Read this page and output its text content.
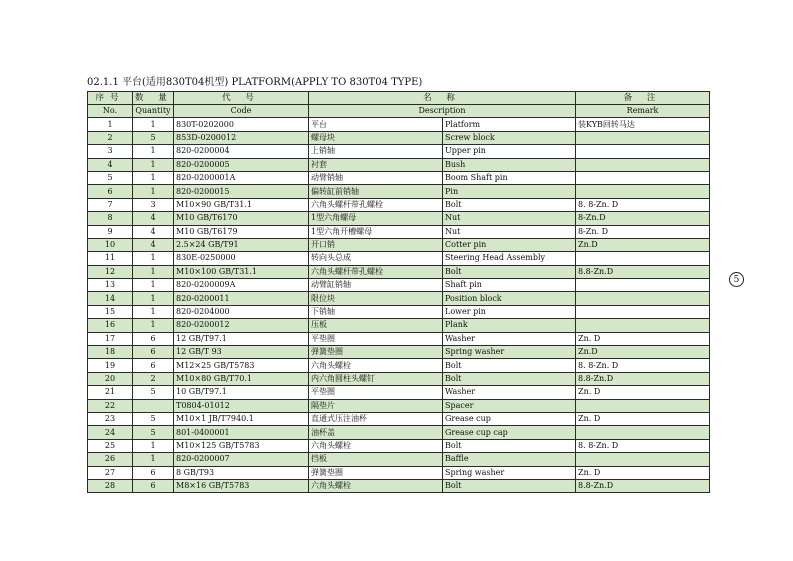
02.1.1 平台(适用830T04机型) PLATFORM(APPLY TO 830T04 TYPE)
5
序号	数 量	代 号	名 称		备 注
No.	Quantity	Code	Description		Remark
1	1	830T-0202000	平台	Platform	装KYB回转马达
2	5	853D-0200012	螺母块	Screw block	
3	1	820-0200004	上销轴	Upper pin	
4	1	820-0200005	衬套	Bush	
5	1	820-0200001A	动臂销轴	Boom Shaft pin	
6	1	820-0200015	偏转缸前销轴	Pin	
7	3	M10×90 GB/T31.1	六角头螺杆带孔螺栓	Bolt	8. 8-Zn. D
8	4	M10 GB/T6170	1型六角螺母	Nut	8-Zn.D
9	4	M10 GB/T6179	1型六角开槽螺母	Nut	8-Zn. D
10	4	2.5×24 GB/T91	开口销	Cotter pin	Zn.D
11	1	830E-0250000	转向头总成	Steering Head Assembly	
12	1	M10×100 GB/T31.1	六角头螺杆带孔螺栓	Bolt	8.8-Zn.D
13	1	820-0200009A	动臂缸销轴	Shaft pin	
14	1	820-0200011	限位块	Position block	
15	1	820-0204000	下销轴	Lower pin	
16	1	820-0200012	压板	Plank	
17	6	12 GB/T97.1	平垫圈	Washer	Zn. D
18	6	12 GB/T 93	弹簧垫圈	Spring washer	Zn.D
19	6	M12×25 GB/T5783	六角头螺栓	Bolt	8. 8-Zn. D
20	2	M10×80 GB/T70.1	内六角圆柱头螺钉	Bolt	8.8-Zn.D
21	5	10 GB/T97.1	平垫圈	Washer	Zn. D
22		T0804-01012	隔垫片	Spacer	
23	5	M10×1 JB/T7940.1	直通式压注油杯	Grease cup	Zn. D
24	5	801-0400001	油杯盖	Grease cup cap	
25	1	M10×125 GB/T5783	六角头螺栓	Bolt	8. 8-Zn. D
26	1	820-0200007	挡板	Baffle	
27	6	8 GB/T93	弹簧垫圈	Spring washer	Zn. D
28	6	M8×16 GB/T5783	六角头螺栓	Bolt	8.8-Zn.D
